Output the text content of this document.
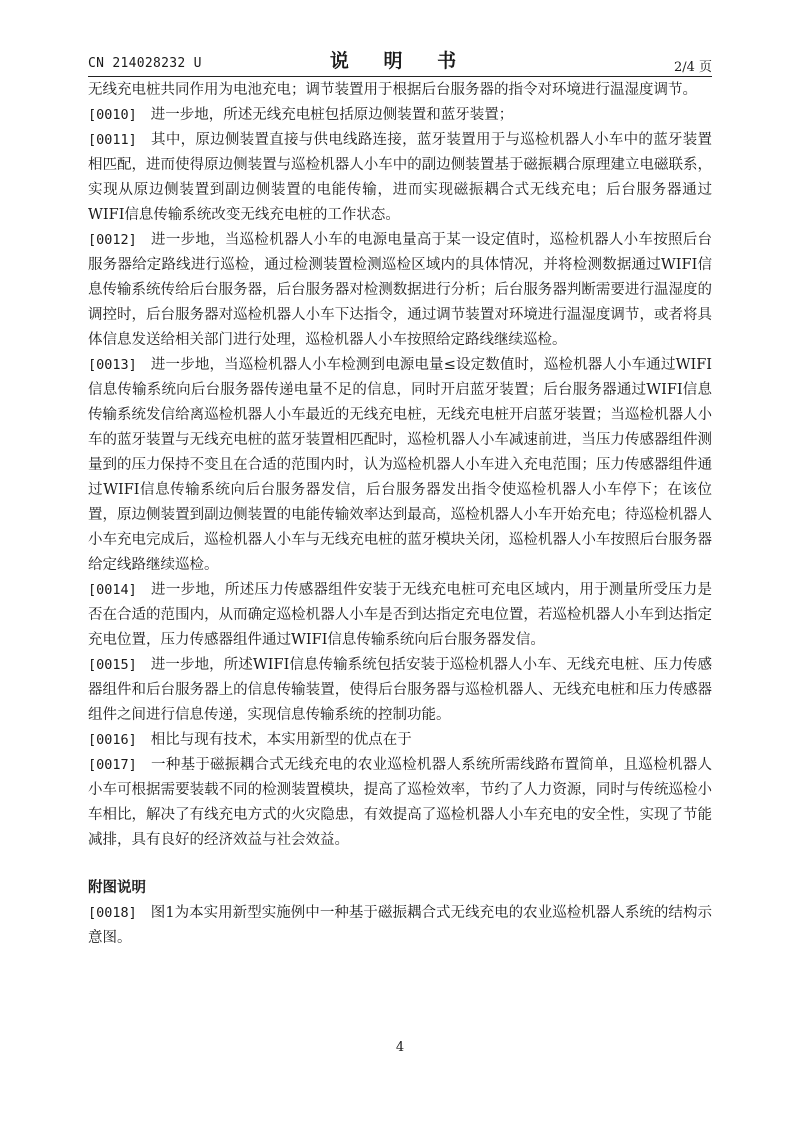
CN 214028232 U	说 明 书	2/4 页

无线充电桩共同作用为电池充电；调节装置用于根据后台服务器的指令对环境进行温湿度调节。

[0010] 进一步地，所述无线充电桩包括原边侧装置和蓝牙装置；

[0011] 其中，原边侧装置直接与供电线路连接，蓝牙装置用于与巡检机器人小车中的蓝牙装置相匹配，进而使得原边侧装置与巡检机器人小车中的副边侧装置基于磁振耦合原理建立电磁联系，实现从原边侧装置到副边侧装置的电能传输，进而实现磁振耦合式无线充电；后台服务器通过WIFI信息传输系统改变无线充电桩的工作状态。

[0012] 进一步地，当巡检机器人小车的电源电量高于某一设定值时，巡检机器人小车按照后台服务器给定路线进行巡检，通过检测装置检测巡检区域内的具体情况，并将检测数据通过WIFI信息传输系统传给后台服务器，后台服务器对检测数据进行分析；后台服务器判断需要进行温湿度的调控时，后台服务器对巡检机器人小车下达指令，通过调节装置对环境进行温湿度调节，或者将具体信息发送给相关部门进行处理，巡检机器人小车按照给定路线继续巡检。

[0013] 进一步地，当巡检机器人小车检测到电源电量≤设定数值时，巡检机器人小车通过WIFI信息传输系统向后台服务器传递电量不足的信息，同时开启蓝牙装置；后台服务器通过WIFI信息传输系统发信给离巡检机器人小车最近的无线充电桩，无线充电桩开启蓝牙装置；当巡检机器人小车的蓝牙装置与无线充电桩的蓝牙装置相匹配时，巡检机器人小车减速前进，当压力传感器组件测量到的压力保持不变且在合适的范围内时，认为巡检机器人小车进入充电范围；压力传感器组件通过WIFI信息传输系统向后台服务器发信，后台服务器发出指令使巡检机器人小车停下；在该位置，原边侧装置到副边侧装置的电能传输效率达到最高，巡检机器人小车开始充电；待巡检机器人小车充电完成后，巡检机器人小车与无线充电桩的蓝牙模块关闭，巡检机器人小车按照后台服务器给定线路继续巡检。

[0014] 进一步地，所述压力传感器组件安装于无线充电桩可充电区域内，用于测量所受压力是否在合适的范围内，从而确定巡检机器人小车是否到达指定充电位置，若巡检机器人小车到达指定充电位置，压力传感器组件通过WIFI信息传输系统向后台服务器发信。

[0015] 进一步地，所述WIFI信息传输系统包括安装于巡检机器人小车、无线充电桩、压力传感器组件和后台服务器上的信息传输装置，使得后台服务器与巡检机器人、无线充电桩和压力传感器组件之间进行信息传递，实现信息传输系统的控制功能。

[0016] 相比与现有技术，本实用新型的优点在于

[0017] 一种基于磁振耦合式无线充电的农业巡检机器人系统所需线路布置简单，且巡检机器人小车可根据需要装载不同的检测装置模块，提高了巡检效率，节约了人力资源，同时与传统巡检小车相比，解决了有线充电方式的火灾隐患，有效提高了巡检机器人小车充电的安全性，实现了节能减排，具有良好的经济效益与社会效益。

附图说明

[0018] 图1为本实用新型实施例中一种基于磁振耦合式无线充电的农业巡检机器人系统的结构示意图。

4
